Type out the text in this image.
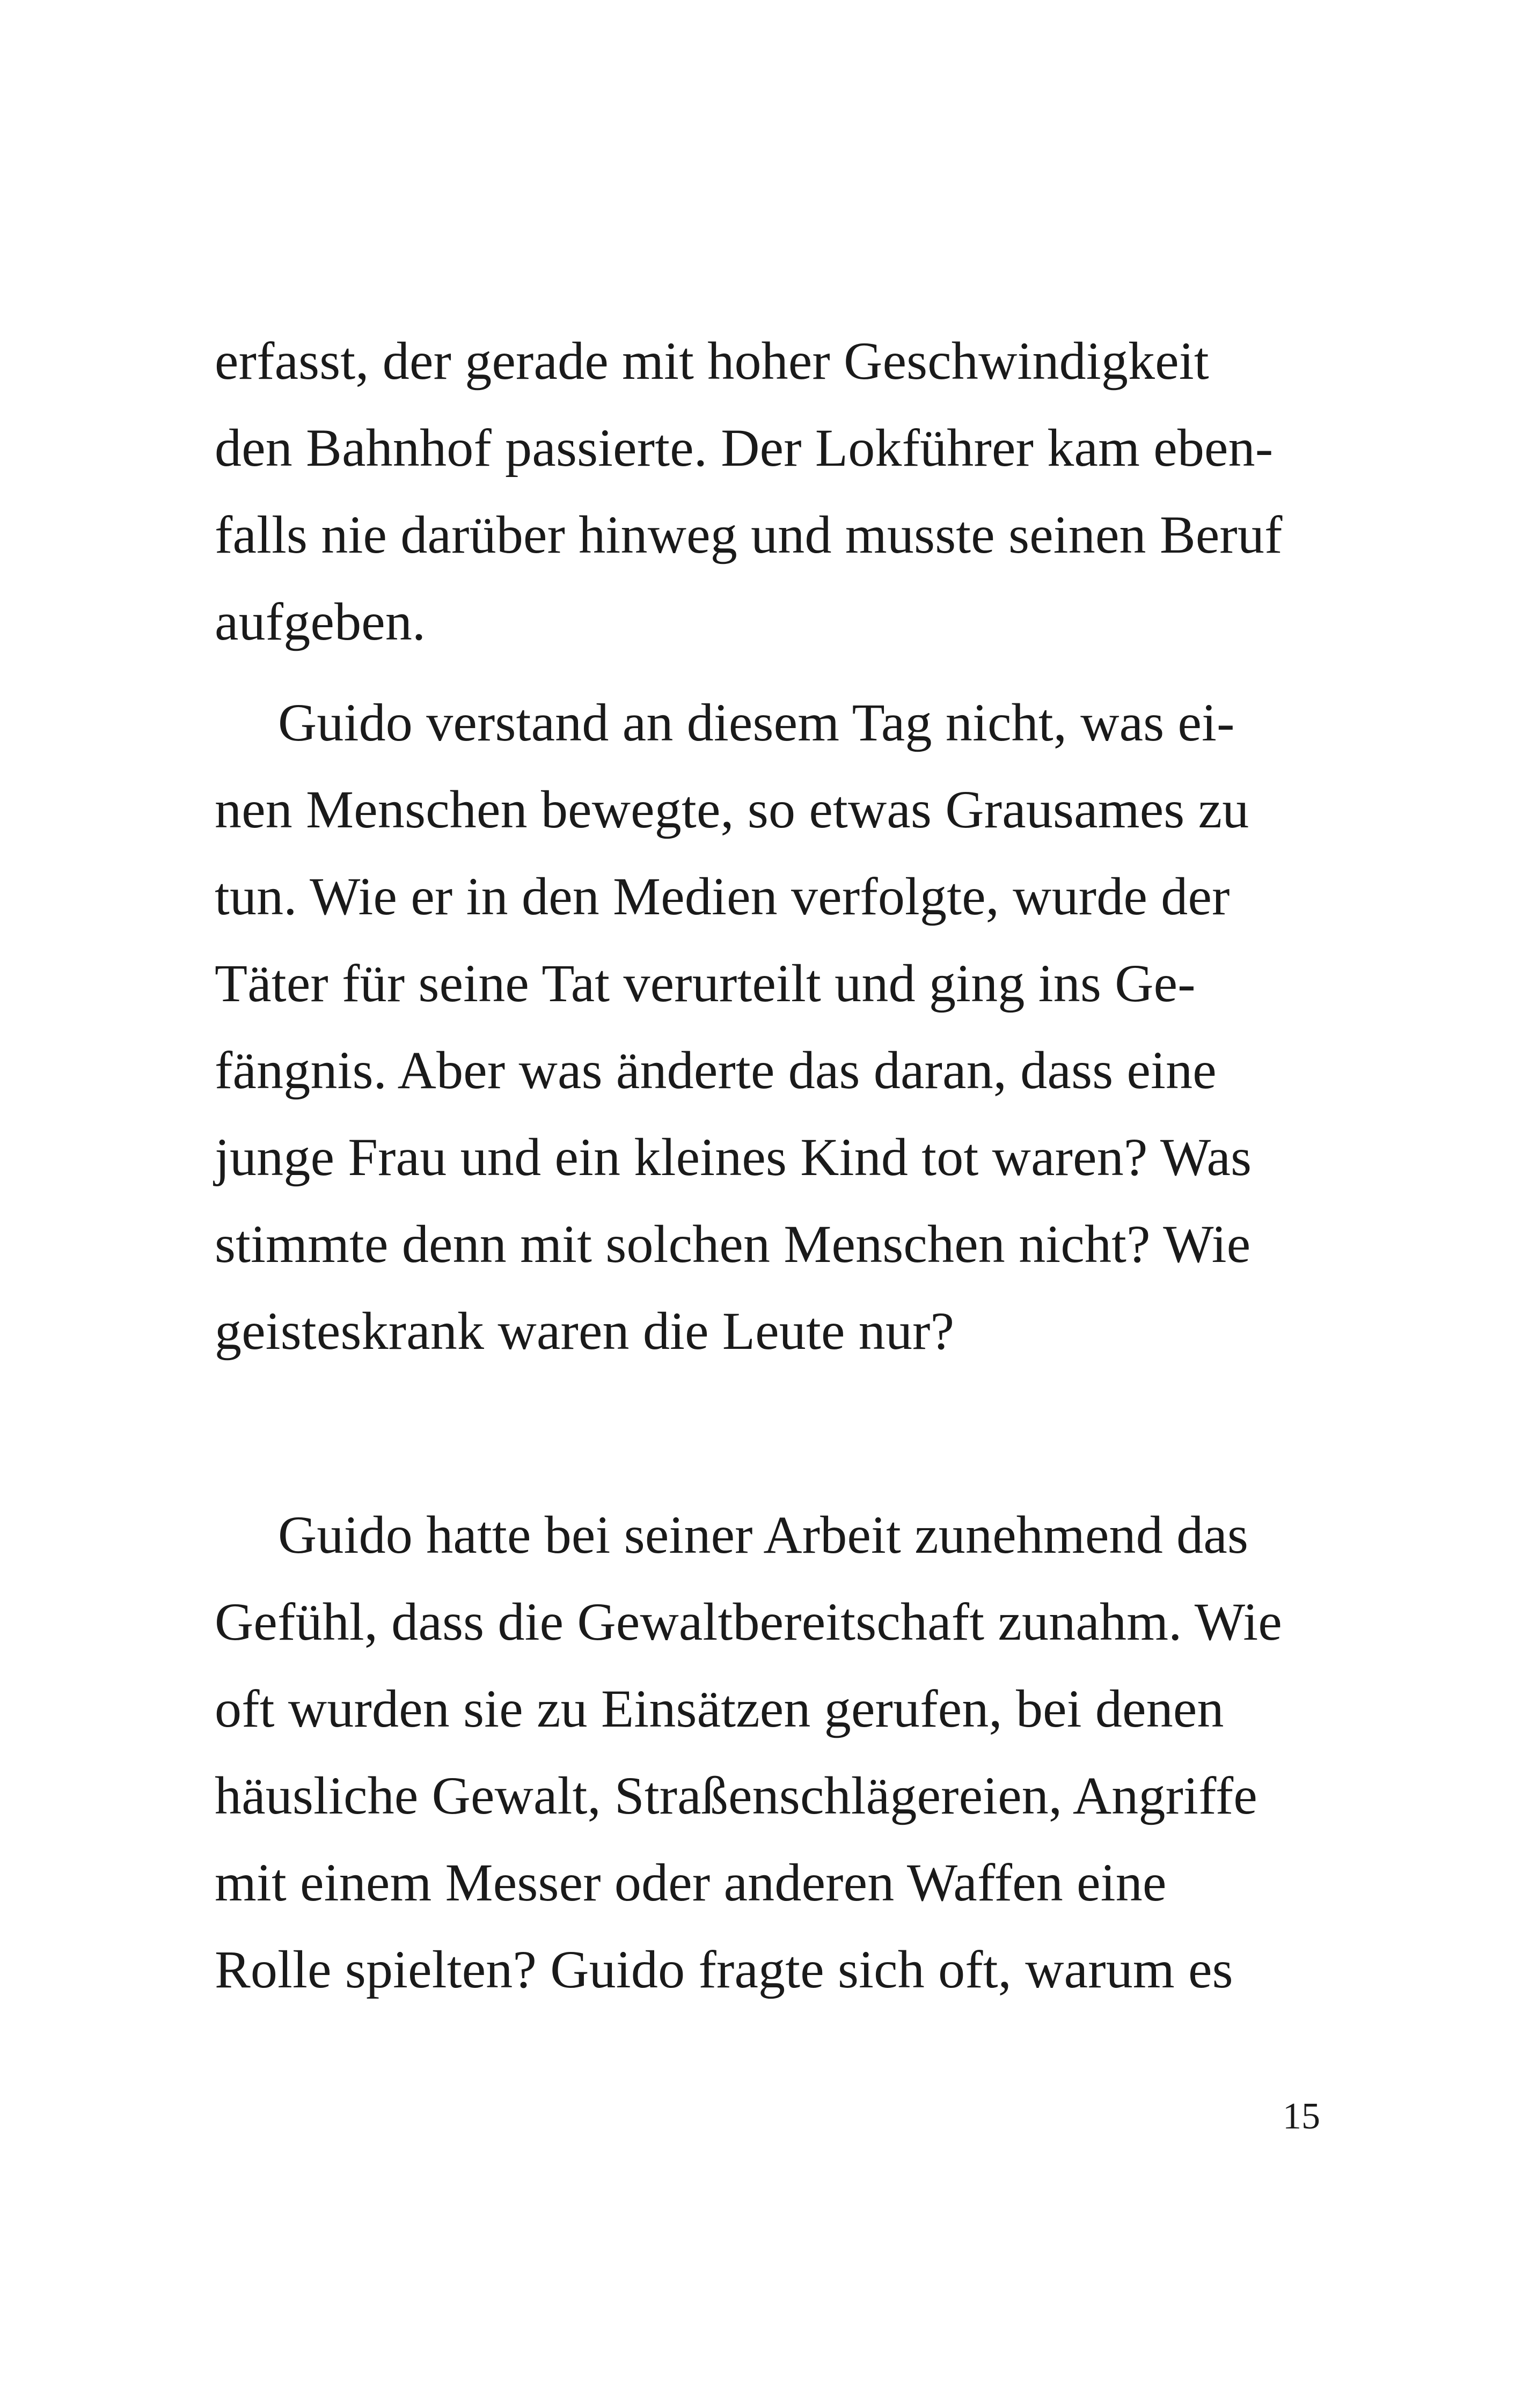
erfasst, der gerade mit hoher Geschwindigkeit
den Bahnhof passierte. Der Lokführer kam eben-
falls nie darüber hinweg und musste seinen Beruf
aufgeben.
Guido verstand an diesem Tag nicht, was ei-
nen Menschen bewegte, so etwas Grausames zu
tun. Wie er in den Medien verfolgte, wurde der
Täter für seine Tat verurteilt und ging ins Ge-
fängnis. Aber was änderte das daran, dass eine
junge Frau und ein kleines Kind tot waren? Was
stimmte denn mit solchen Menschen nicht? Wie
geisteskrank waren die Leute nur?
Guido hatte bei seiner Arbeit zunehmend das
Gefühl, dass die Gewaltbereitschaft zunahm. Wie
oft wurden sie zu Einsätzen gerufen, bei denen
häusliche Gewalt, Straßenschlägereien, Angriffe
mit einem Messer oder anderen Waffen eine
Rolle spielten? Guido fragte sich oft, warum es
15
